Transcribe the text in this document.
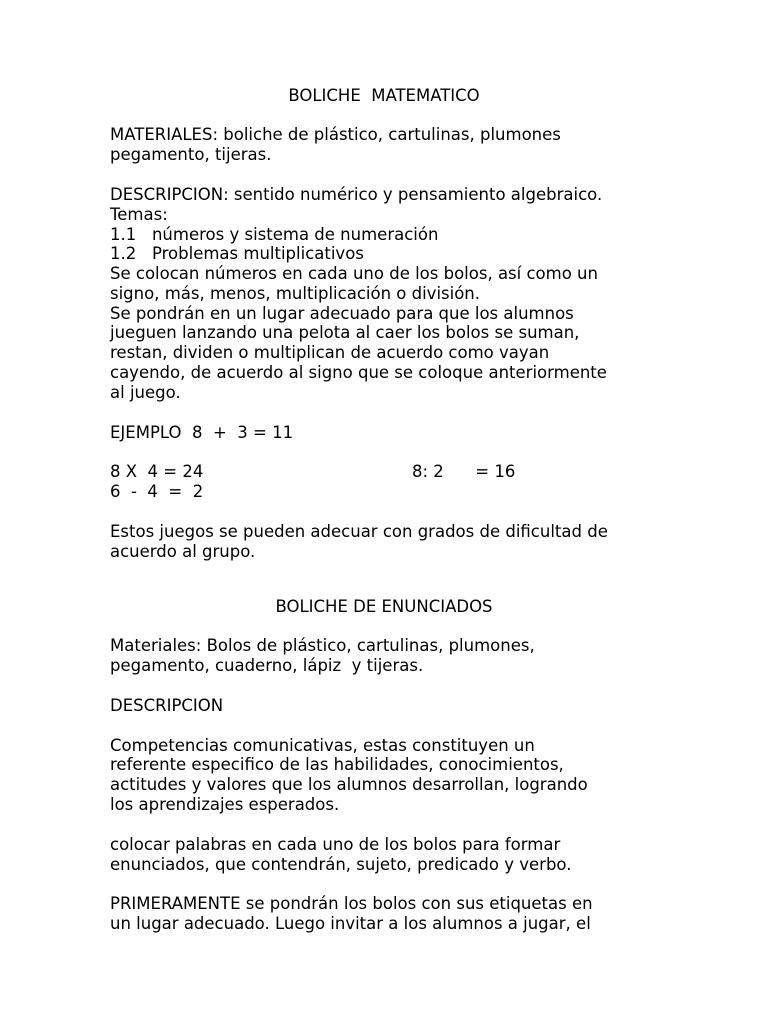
BOLICHE  MATEMATICO

MATERIALES: boliche de plástico, cartulinas, plumones

pegamento, tijeras.

DESCRIPCION: sentido numérico y pensamiento algebraico.

Temas:

1.1   números y sistema de numeración

1.2   Problemas multiplicativos

Se colocan números en cada uno de los bolos, así como un

signo, más, menos, multiplicación o división.

Se pondrán en un lugar adecuado para que los alumnos

jueguen lanzando una pelota al caer los bolos se suman,

restan, dividen o multiplican de acuerdo como vayan

cayendo, de acuerdo al signo que se coloque anteriormente

al juego.

EJEMPLO  8  +  3 = 11

8 X  4 = 24	8: 2      = 16

6  -  4  =  2

Estos juegos se pueden adecuar con grados de dificultad de

acuerdo al grupo.

BOLICHE DE ENUNCIADOS

Materiales: Bolos de plástico, cartulinas, plumones,

pegamento, cuaderno, lápiz  y tijeras.

DESCRIPCION

Competencias comunicativas, estas constituyen un

referente especifico de las habilidades, conocimientos,

actitudes y valores que los alumnos desarrollan, logrando

los aprendizajes esperados.

colocar palabras en cada uno de los bolos para formar

enunciados, que contendrán, sujeto, predicado y verbo.

PRIMERAMENTE se pondrán los bolos con sus etiquetas en

un lugar adecuado. Luego invitar a los alumnos a jugar, el
